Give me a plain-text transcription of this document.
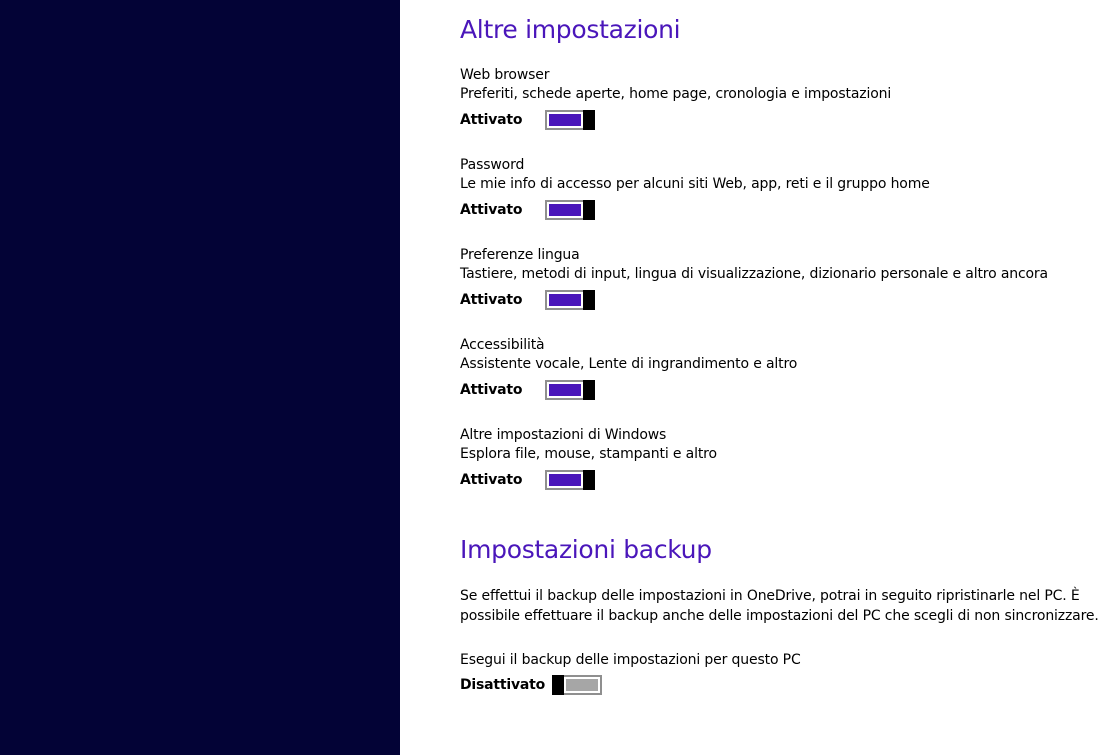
Altre impostazioni
Web browser
Preferiti, schede aperte, home page, cronologia e impostazioni
Attivato
Password
Le mie info di accesso per alcuni siti Web, app, reti e il gruppo home
Attivato
Preferenze lingua
Tastiere, metodi di input, lingua di visualizzazione, dizionario personale e altro ancora
Attivato
Accessibilità
Assistente vocale, Lente di ingrandimento e altro
Attivato
Altre impostazioni di Windows
Esplora file, mouse, stampanti e altro
Attivato
Impostazioni backup
Se effettui il backup delle impostazioni in OneDrive, potrai in seguito ripristinarle nel PC. È
possibile effettuare il backup anche delle impostazioni del PC che scegli di non sincronizzare.
Esegui il backup delle impostazioni per questo PC
Disattivato
